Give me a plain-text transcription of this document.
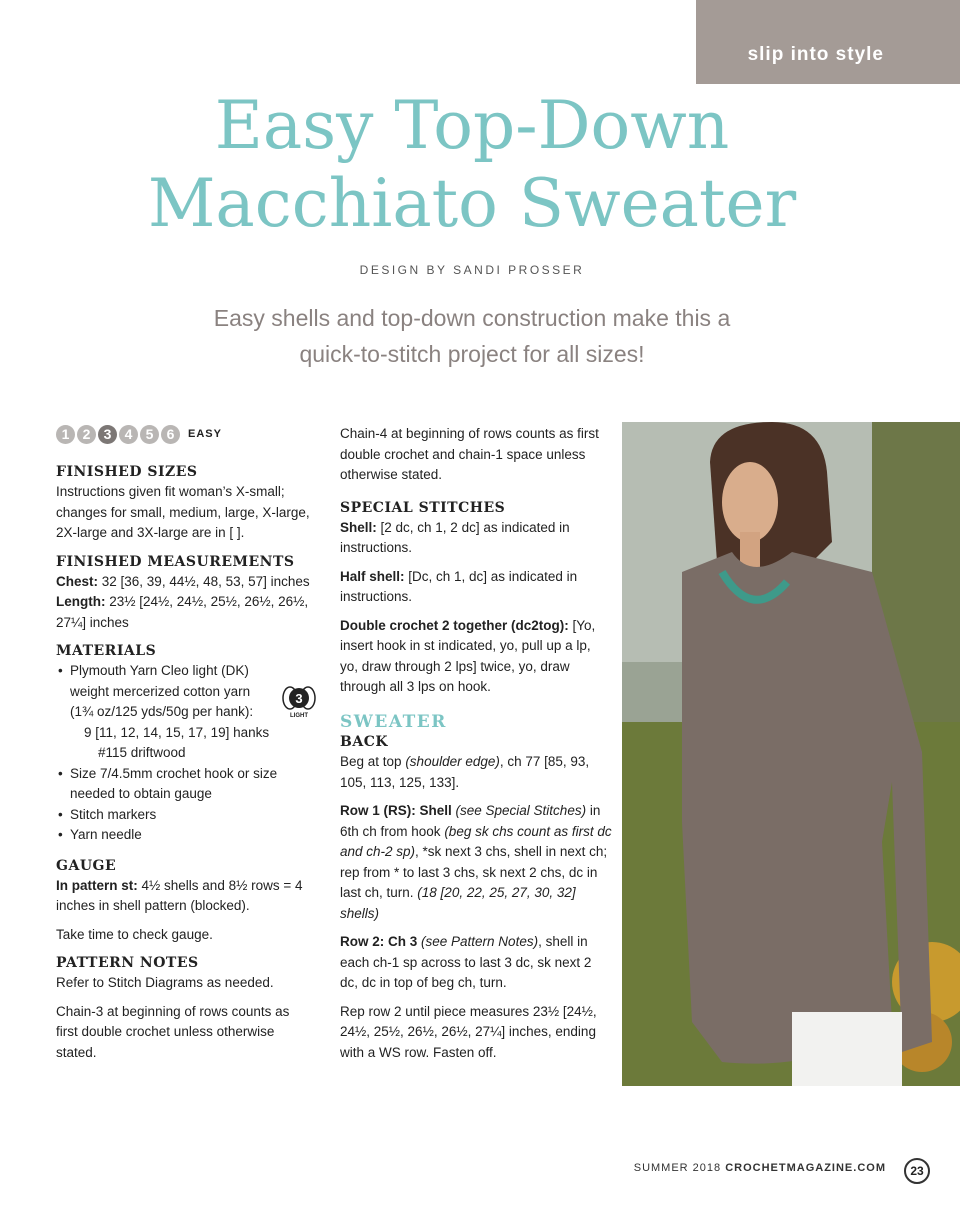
slip into style
Easy Top-Down
Macchiato Sweater
DESIGN BY SANDI PROSSER
Easy shells and top-down construction make this a
quick-to-stitch project for all sizes!
1 2 3 4 5 6	EASY
FINISHED SIZES

Instructions given fit woman’s X-small; changes for small, medium, large, X-large, 2X-large and 3X-large are in [ ].

FINISHED MEASUREMENTS
Chest: 32 [36, 39, 44½, 48, 53, 57] inches

Length: 23½ [24½, 24½, 25½, 26½, 26½, 27¼] inches

MATERIALS
• Plymouth Yarn Cleo light (DK)
weight mercerized cotton yarn
(1¾ oz/125 yds/50g per hank):
9 [11, 12, 14, 15, 17, 19] hanks
#115 driftwood
• Size 7/4.5mm crochet hook or size needed to obtain gauge
• Stitch markers
• Yarn needle
GAUGE

In pattern st: 4½ shells and 8½ rows = 4 inches in shell pattern (blocked).

Take time to check gauge.

PATTERN NOTES

Refer to Stitch Diagrams as needed.

Chain-3 at beginning of rows counts as first double crochet unless otherwise stated.

3
LIGHT

Chain-4 at beginning of rows counts as first double crochet and chain-1 space unless otherwise stated.

SPECIAL STITCHES

Shell: [2 dc, ch 1, 2 dc] as indicated in instructions.

Half shell: [Dc, ch 1, dc] as indicated in instructions.

Double crochet 2 together (dc2tog): [Yo, insert hook in st indicated, yo, pull up a lp, yo, draw through 2 lps] twice, yo, draw through all 3 lps on hook.

SWEATER
BACK

Beg at top (shoulder edge), ch 77 [85, 93, 105, 113, 125, 133].

Row 1 (RS): Shell (see Special Stitches) in 6th ch from hook (beg sk chs count as first dc and ch-2 sp), *sk next 3 chs, shell in next ch; rep from * to last 3 chs, sk next 2 chs, dc in last ch, turn. (18 [20, 22, 25, 27, 30, 32] shells)

Row 2: Ch 3 (see Pattern Notes), shell in each ch-1 sp across to last 3 dc, sk next 2 dc, dc in top of beg ch, turn.

Rep row 2 until piece measures 23½ [24½, 24½, 25½, 26½, 26½, 27¼] inches, ending with a WS row. Fasten off.

SUMMER 2018 CROCHETMAGAZINE.COM	23
